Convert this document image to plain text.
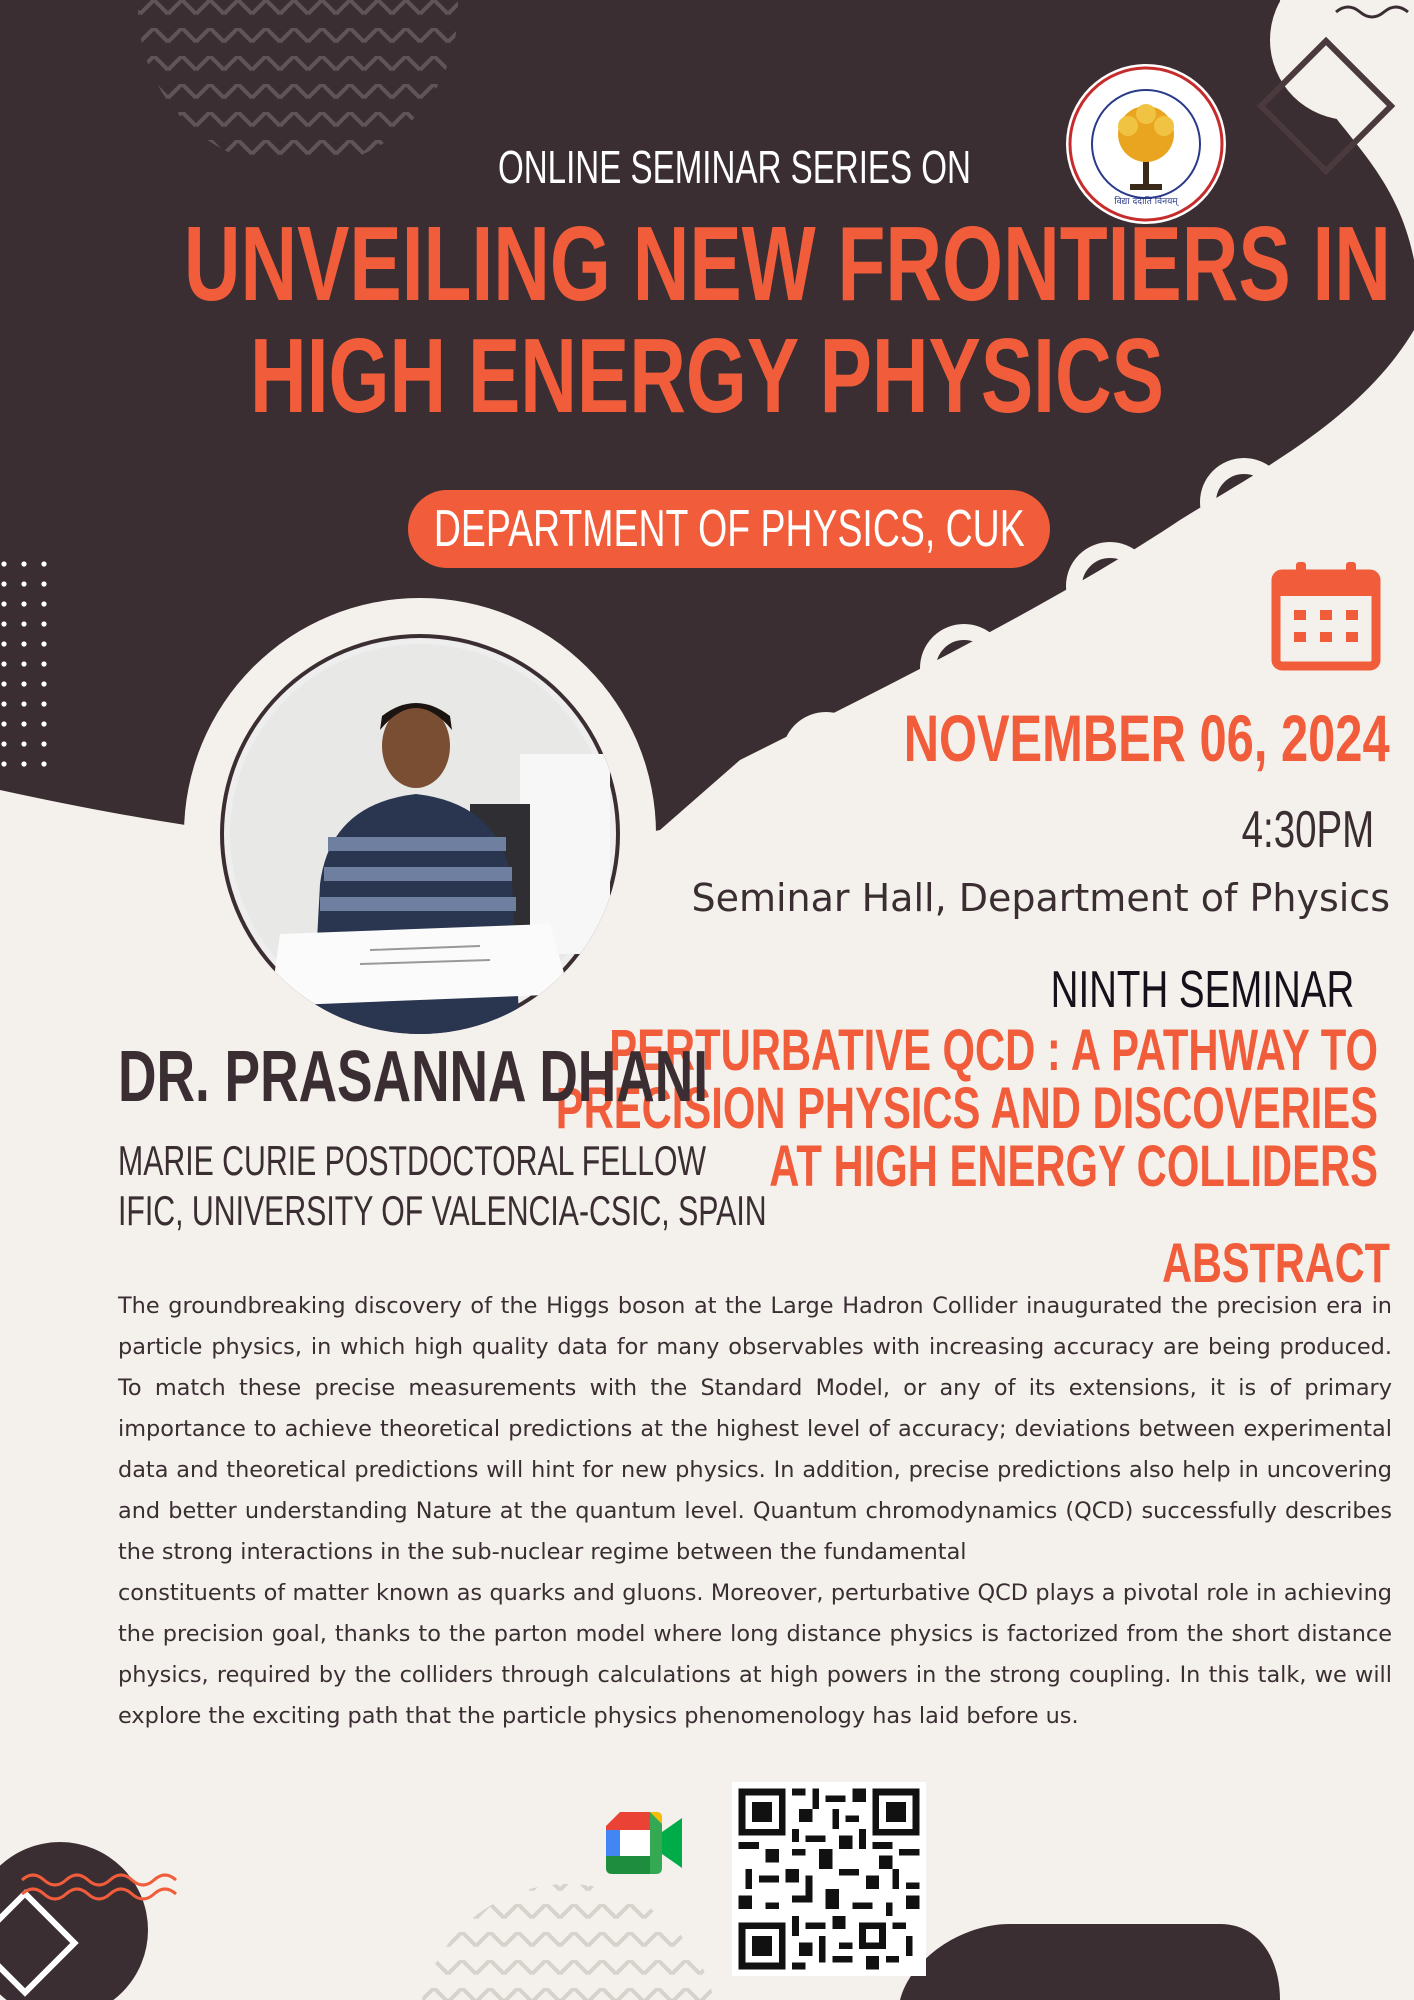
विद्या ददाति विनयम्
ONLINE SEMINAR SERIES ON
UNVEILING NEW FRONTIERS IN
HIGH ENERGY PHYSICS
DEPARTMENT OF PHYSICS, CUK
NOVEMBER 06, 2024
4:30PM
Seminar Hall, Department of Physics
NINTH SEMINAR
PERTURBATIVE QCD : A PATHWAY TO
PRECISION PHYSICS AND DISCOVERIES
AT HIGH ENERGY COLLIDERS
DR. PRASANNA DHANI
MARIE CURIE POSTDOCTORAL FELLOW
IFIC, UNIVERSITY OF VALENCIA-CSIC, SPAIN
ABSTRACT
The groundbreaking discovery of the Higgs boson at the Large Hadron Collider inaugurated the precision era in particle physics, in which high quality data for many observables with increasing accuracy are being produced. To match these precise measurements with the Standard Model, or any of its extensions, it is of primary importance to achieve theoretical predictions at the highest level of accuracy; deviations between experimental data and theoretical predictions will hint for new physics. In addition, precise predictions also help in uncovering and better understanding Nature at the quantum level. Quantum chromodynamics (QCD) successfully describes the strong interactions in the sub-nuclear regime between the fundamental
constituents of matter known as quarks and gluons. Moreover, perturbative QCD plays a pivotal role in achieving the precision goal, thanks to the parton model where long distance physics is factorized from the short distance physics, required by the colliders through calculations at high powers in the strong coupling. In this talk, we will explore the exciting path that the particle physics phenomenology has laid before us.
